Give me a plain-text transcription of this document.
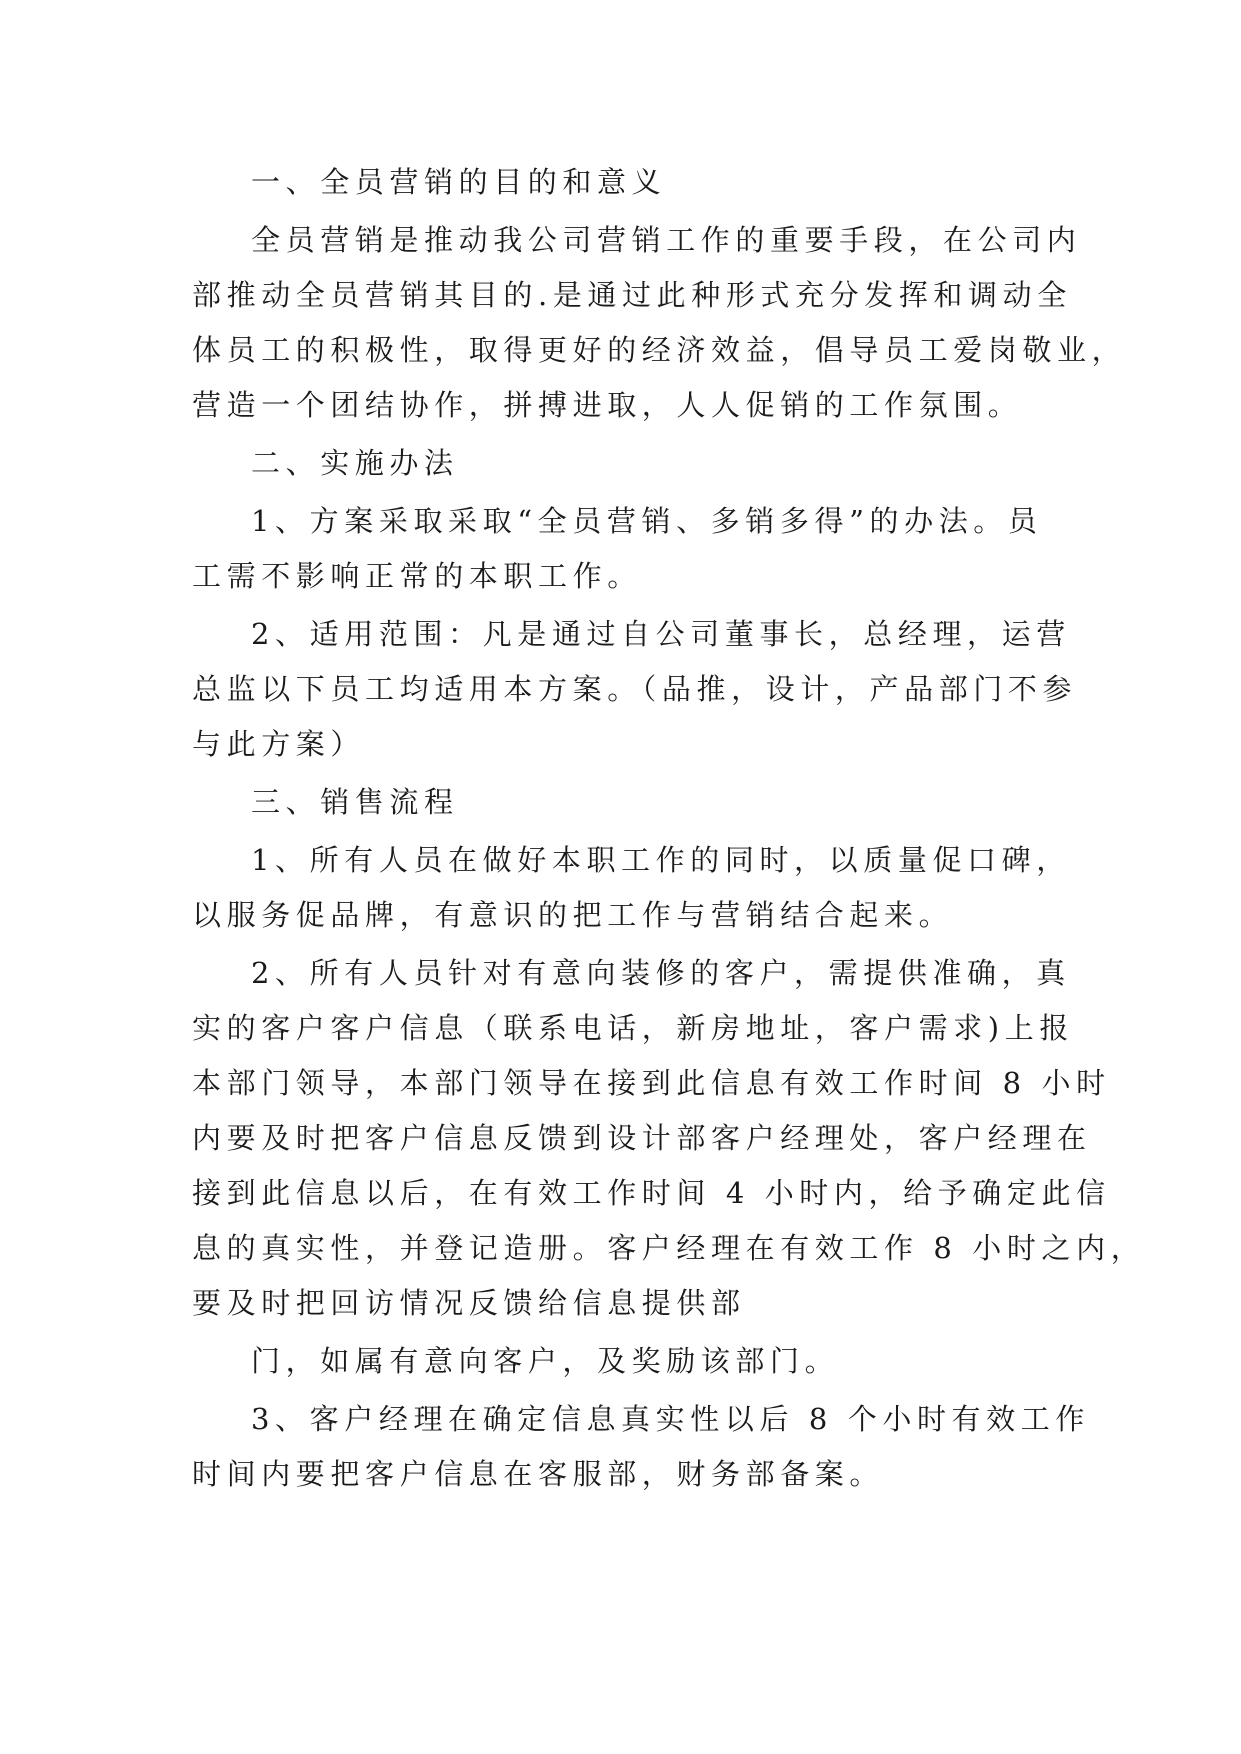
一、全员营销的目的和意义

全员营销是推动我公司营销工作的重要手段，在公司内

部推动全员营销其目的.是通过此种形式充分发挥和调动全

体员工的积极性，取得更好的经济效益，倡导员工爱岗敬业，

营造一个团结协作，拼搏进取，人人促销的工作氛围。

二、实施办法

1、方案采取采取“全员营销、多销多得”的办法。员

工需不影响正常的本职工作。

2、适用范围：凡是通过自公司董事长，总经理，运营

总监以下员工均适用本方案。（品推，设计，产品部门不参

与此方案）

三、销售流程

1、所有人员在做好本职工作的同时，以质量促口碑，

以服务促品牌，有意识的把工作与营销结合起来。

2、所有人员针对有意向装修的客户，需提供准确，真

实的客户客户信息（联系电话，新房地址，客户需求)上报

本部门领导，本部门领导在接到此信息有效工作时间 8 小时

内要及时把客户信息反馈到设计部客户经理处，客户经理在

接到此信息以后，在有效工作时间 4 小时内，给予确定此信

息的真实性，并登记造册。客户经理在有效工作 8 小时之内，

要及时把回访情况反馈给信息提供部

门，如属有意向客户，及奖励该部门。

3、客户经理在确定信息真实性以后 8 个小时有效工作

时间内要把客户信息在客服部，财务部备案。
